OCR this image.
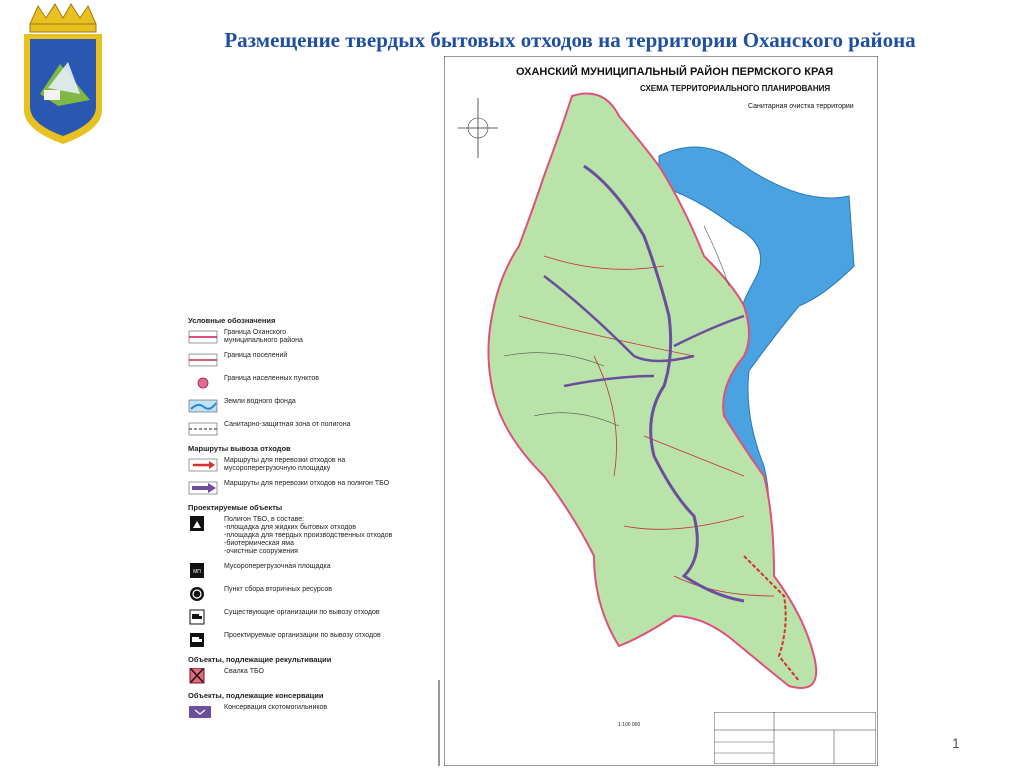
Размещение твердых бытовых отходов на территории Оханского района
Условные обозначения
Граница Оханского
муниципального района
Граница поселений
Граница населенных пунктов
Земли водного фонда
Санитарно-защитная зона от полигона
Маршруты вывоза отходов
Маршруты для перевозки отходов на
мусороперегрузочную площадку
Маршруты для перевозки отходов на полигон ТБО
Проектируемые объекты
Полигон ТБО, в составе:
-площадка для жидких бытовых отходов
-площадка для твердых производственных отходов
-биотермическая яма
-очистные сооружения
МП
Мусороперегрузочная площадка
Пункт сбора вторичных ресурсов
Существующие организации по вывозу отходов
Проектируемые организации по вывозу отходов
Объекты, подлежащие рекультивации
Свалка ТБО
Объекты, подлежащие консервации
Консервация скотомогильников
ОХАНСКИЙ МУНИЦИПАЛЬНЫЙ РАЙОН ПЕРМСКОГО КРАЯ
СХЕМА ТЕРРИТОРИАЛЬНОГО ПЛАНИРОВАНИЯ
Санитарная очистка территории
1:100 000
1
